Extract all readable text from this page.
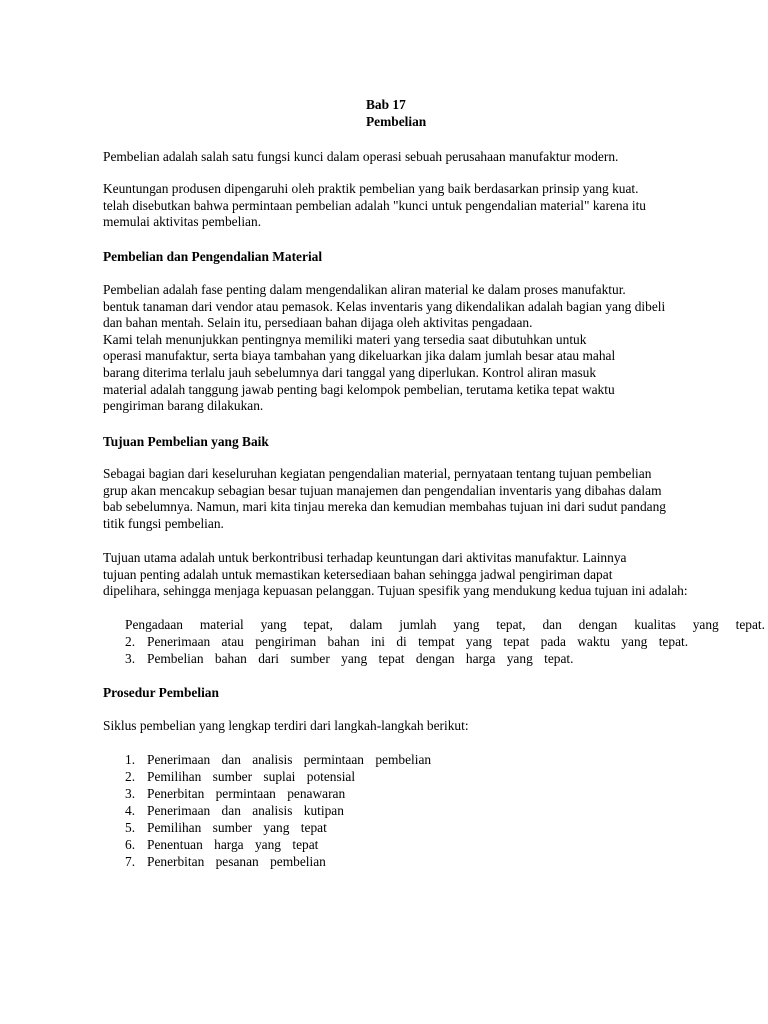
Bab 17
Pembelian
Pembelian adalah salah satu fungsi kunci dalam operasi sebuah perusahaan manufaktur modern.
Keuntungan produsen dipengaruhi oleh praktik pembelian yang baik berdasarkan prinsip yang kuat.
telah disebutkan bahwa permintaan pembelian adalah "kunci untuk pengendalian material" karena itu
memulai aktivitas pembelian.
Pembelian dan Pengendalian Material
Pembelian adalah fase penting dalam mengendalikan aliran material ke dalam proses manufaktur.
bentuk tanaman dari vendor atau pemasok. Kelas inventaris yang dikendalikan adalah bagian yang dibeli
dan bahan mentah. Selain itu, persediaan bahan dijaga oleh aktivitas pengadaan.
Kami telah menunjukkan pentingnya memiliki materi yang tersedia saat dibutuhkan untuk
operasi manufaktur, serta biaya tambahan yang dikeluarkan jika dalam jumlah besar atau mahal
barang diterima terlalu jauh sebelumnya dari tanggal yang diperlukan. Kontrol aliran masuk
material adalah tanggung jawab penting bagi kelompok pembelian, terutama ketika tepat waktu
pengiriman barang dilakukan.
Tujuan Pembelian yang Baik
Sebagai bagian dari keseluruhan kegiatan pengendalian material, pernyataan tentang tujuan pembelian
grup akan mencakup sebagian besar tujuan manajemen dan pengendalian inventaris yang dibahas dalam
bab sebelumnya. Namun, mari kita tinjau mereka dan kemudian membahas tujuan ini dari sudut pandang
titik fungsi pembelian.
Tujuan utama adalah untuk berkontribusi terhadap keuntungan dari aktivitas manufaktur. Lainnya
tujuan penting adalah untuk memastikan ketersediaan bahan sehingga jadwal pengiriman dapat
dipelihara, sehingga menjaga kepuasan pelanggan. Tujuan spesifik yang mendukung kedua tujuan ini adalah:
Pengadaan material yang tepat, dalam jumlah yang tepat, dan dengan kualitas yang tepat.
2. Penerimaan atau pengiriman bahan ini di tempat yang tepat pada waktu yang tepat.
3. Pembelian bahan dari sumber yang tepat dengan harga yang tepat.
Prosedur Pembelian
Siklus pembelian yang lengkap terdiri dari langkah-langkah berikut:
1. Penerimaan dan analisis permintaan pembelian
2. Pemilihan sumber suplai potensial
3. Penerbitan permintaan penawaran
4. Penerimaan dan analisis kutipan
5. Pemilihan sumber yang tepat
6. Penentuan harga yang tepat
7. Penerbitan pesanan pembelian
